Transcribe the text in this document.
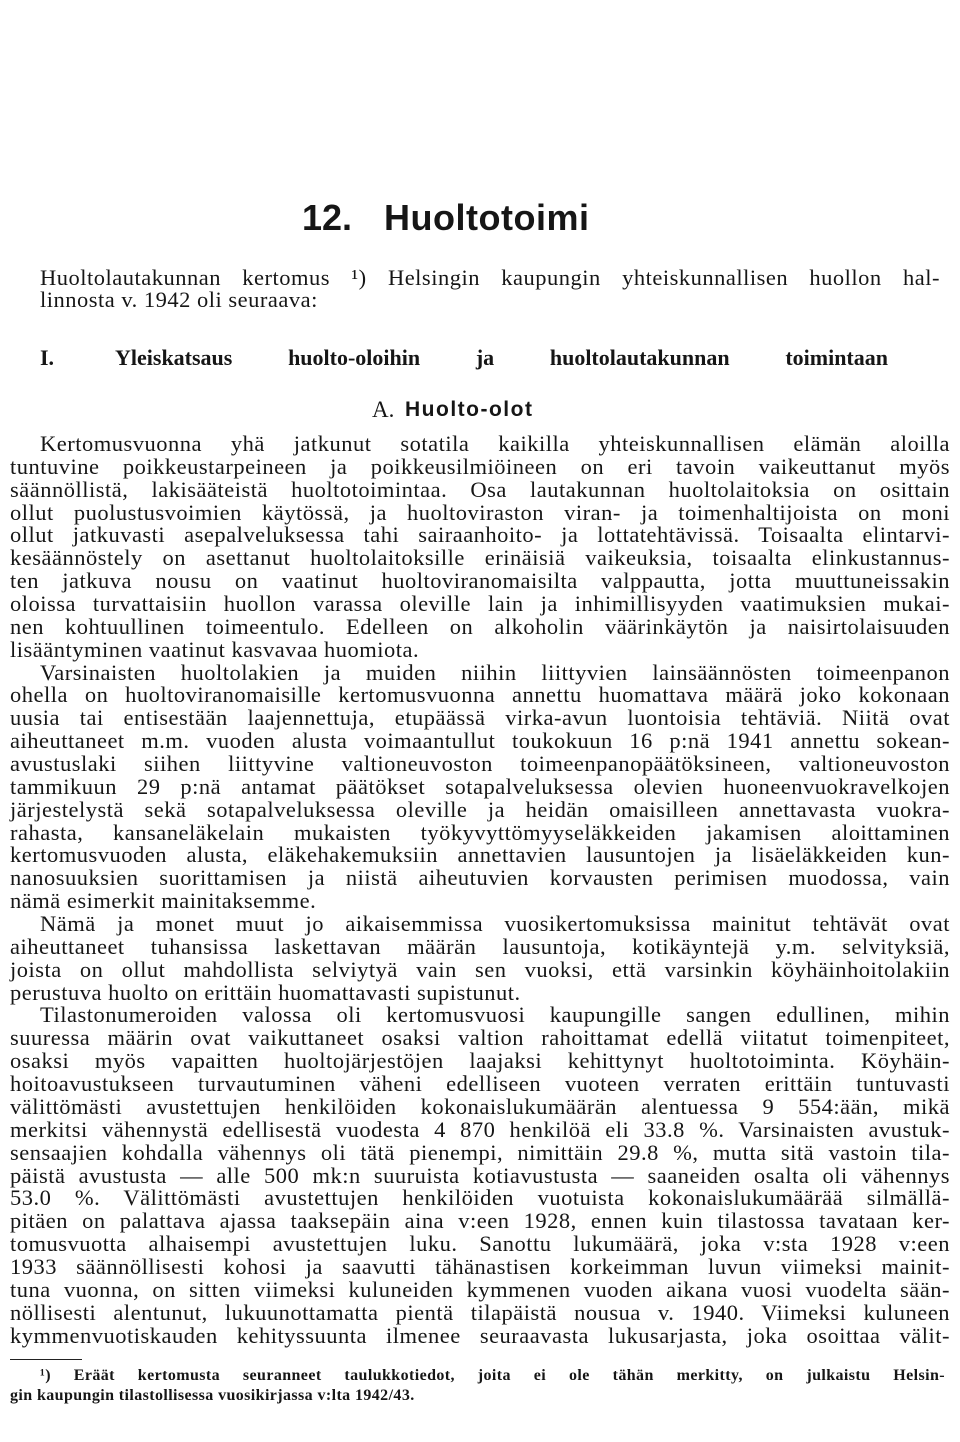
12. Huoltotoimi
Huoltolautakunnan kertomus ¹) Helsingin kaupungin yhteiskunnallisen huollon hal-
linnosta v. 1942 oli seuraava:
I.	Yleiskatsaus huolto-oloihin ja huoltolautakunnan toimintaan
A. Huolto-olot
Kertomusvuonna yhä jatkunut sotatila kaikilla yhteiskunnallisen elämän aloilla
tuntuvine poikkeustarpeineen ja poikkeusilmiöineen on eri tavoin vaikeuttanut myös
säännöllistä, lakisääteistä huoltotoimintaa. Osa lautakunnan huoltolaitoksia on osittain
ollut puolustusvoimien käytössä, ja huoltoviraston viran- ja toimenhaltijoista on moni
ollut jatkuvasti asepalveluksessa tahi sairaanhoito- ja lottatehtävissä. Toisaalta elintarvi-
kesäännöstely on asettanut huoltolaitoksille erinäisiä vaikeuksia, toisaalta elinkustannus-
ten jatkuva nousu on vaatinut huoltoviranomaisilta valppautta, jotta muuttuneissakin
oloissa turvattaisiin huollon varassa oleville lain ja inhimillisyyden vaatimuksien mukai-
nen kohtuullinen toimeentulo. Edelleen on alkoholin väärinkäytön ja naisirtolaisuuden
lisääntyminen vaatinut kasvavaa huomiota.
Varsinaisten huoltolakien ja muiden niihin liittyvien lainsäännösten toimeenpanon
ohella on huoltoviranomaisille kertomusvuonna annettu huomattava määrä joko kokonaan
uusia tai entisestään laajennettuja, etupäässä virka-avun luontoisia tehtäviä. Niitä ovat
aiheuttaneet m.m. vuoden alusta voimaantullut toukokuun 16 p:nä 1941 annettu sokean-
avustuslaki siihen liittyvine valtioneuvoston toimeenpanopäätöksineen, valtioneuvoston
tammikuun 29 p:nä antamat päätökset sotapalveluksessa olevien huoneenvuokravelkojen
järjestelystä sekä sotapalveluksessa oleville ja heidän omaisilleen annettavasta vuokra-
rahasta, kansaneläkelain mukaisten työkyvyttömyyseläkkeiden jakamisen aloittaminen
kertomusvuoden alusta, eläkehakemuksiin annettavien lausuntojen ja lisäeläkkeiden kun-
nanosuuksien suorittamisen ja niistä aiheutuvien korvausten perimisen muodossa, vain
nämä esimerkit mainitaksemme.
Nämä ja monet muut jo aikaisemmissa vuosikertomuksissa mainitut tehtävät ovat
aiheuttaneet tuhansissa laskettavan määrän lausuntoja, kotikäyntejä y.m. selvityksiä,
joista on ollut mahdollista selviytyä vain sen vuoksi, että varsinkin köyhäinhoitolakiin
perustuva huolto on erittäin huomattavasti supistunut.
Tilastonumeroiden valossa oli kertomusvuosi kaupungille sangen edullinen, mihin
suuressa määrin ovat vaikuttaneet osaksi valtion rahoittamat edellä viitatut toimenpiteet,
osaksi myös vapaitten huoltojärjestöjen laajaksi kehittynyt huoltotoiminta. Köyhäin-
hoitoavustukseen turvautuminen väheni edelliseen vuoteen verraten erittäin tuntuvasti
välittömästi avustettujen henkilöiden kokonaislukumäärän alentuessa 9 554:ään, mikä
merkitsi vähennystä edellisestä vuodesta 4 870 henkilöä eli 33.8 %. Varsinaisten avustuk-
sensaajien kohdalla vähennys oli tätä pienempi, nimittäin 29.8 %, mutta sitä vastoin tila-
päistä avustusta — alle 500 mk:n suuruista kotiavustusta — saaneiden osalta oli vähennys
53.0 %. Välittömästi avustettujen henkilöiden vuotuista kokonaislukumäärää silmällä-
pitäen on palattava ajassa taaksepäin aina v:een 1928, ennen kuin tilastossa tavataan ker-
tomusvuotta alhaisempi avustettujen luku. Sanottu lukumäärä, joka v:sta 1928 v:een
1933 säännöllisesti kohosi ja saavutti tähänastisen korkeimman luvun viimeksi mainit-
tuna vuonna, on sitten viimeksi kuluneiden kymmenen vuoden aikana vuosi vuodelta sään-
nöllisesti alentunut, lukuunottamatta pientä tilapäistä nousua v. 1940. Viimeksi kuluneen
kymmenvuotiskauden kehityssuunta ilmenee seuraavasta lukusarjasta, joka osoittaa välit-
¹) Eräät kertomusta seuranneet taulukkotiedot, joita ei ole tähän merkitty, on julkaistu Helsin-
gin kaupungin tilastollisessa vuosikirjassa v:lta 1942/43.
